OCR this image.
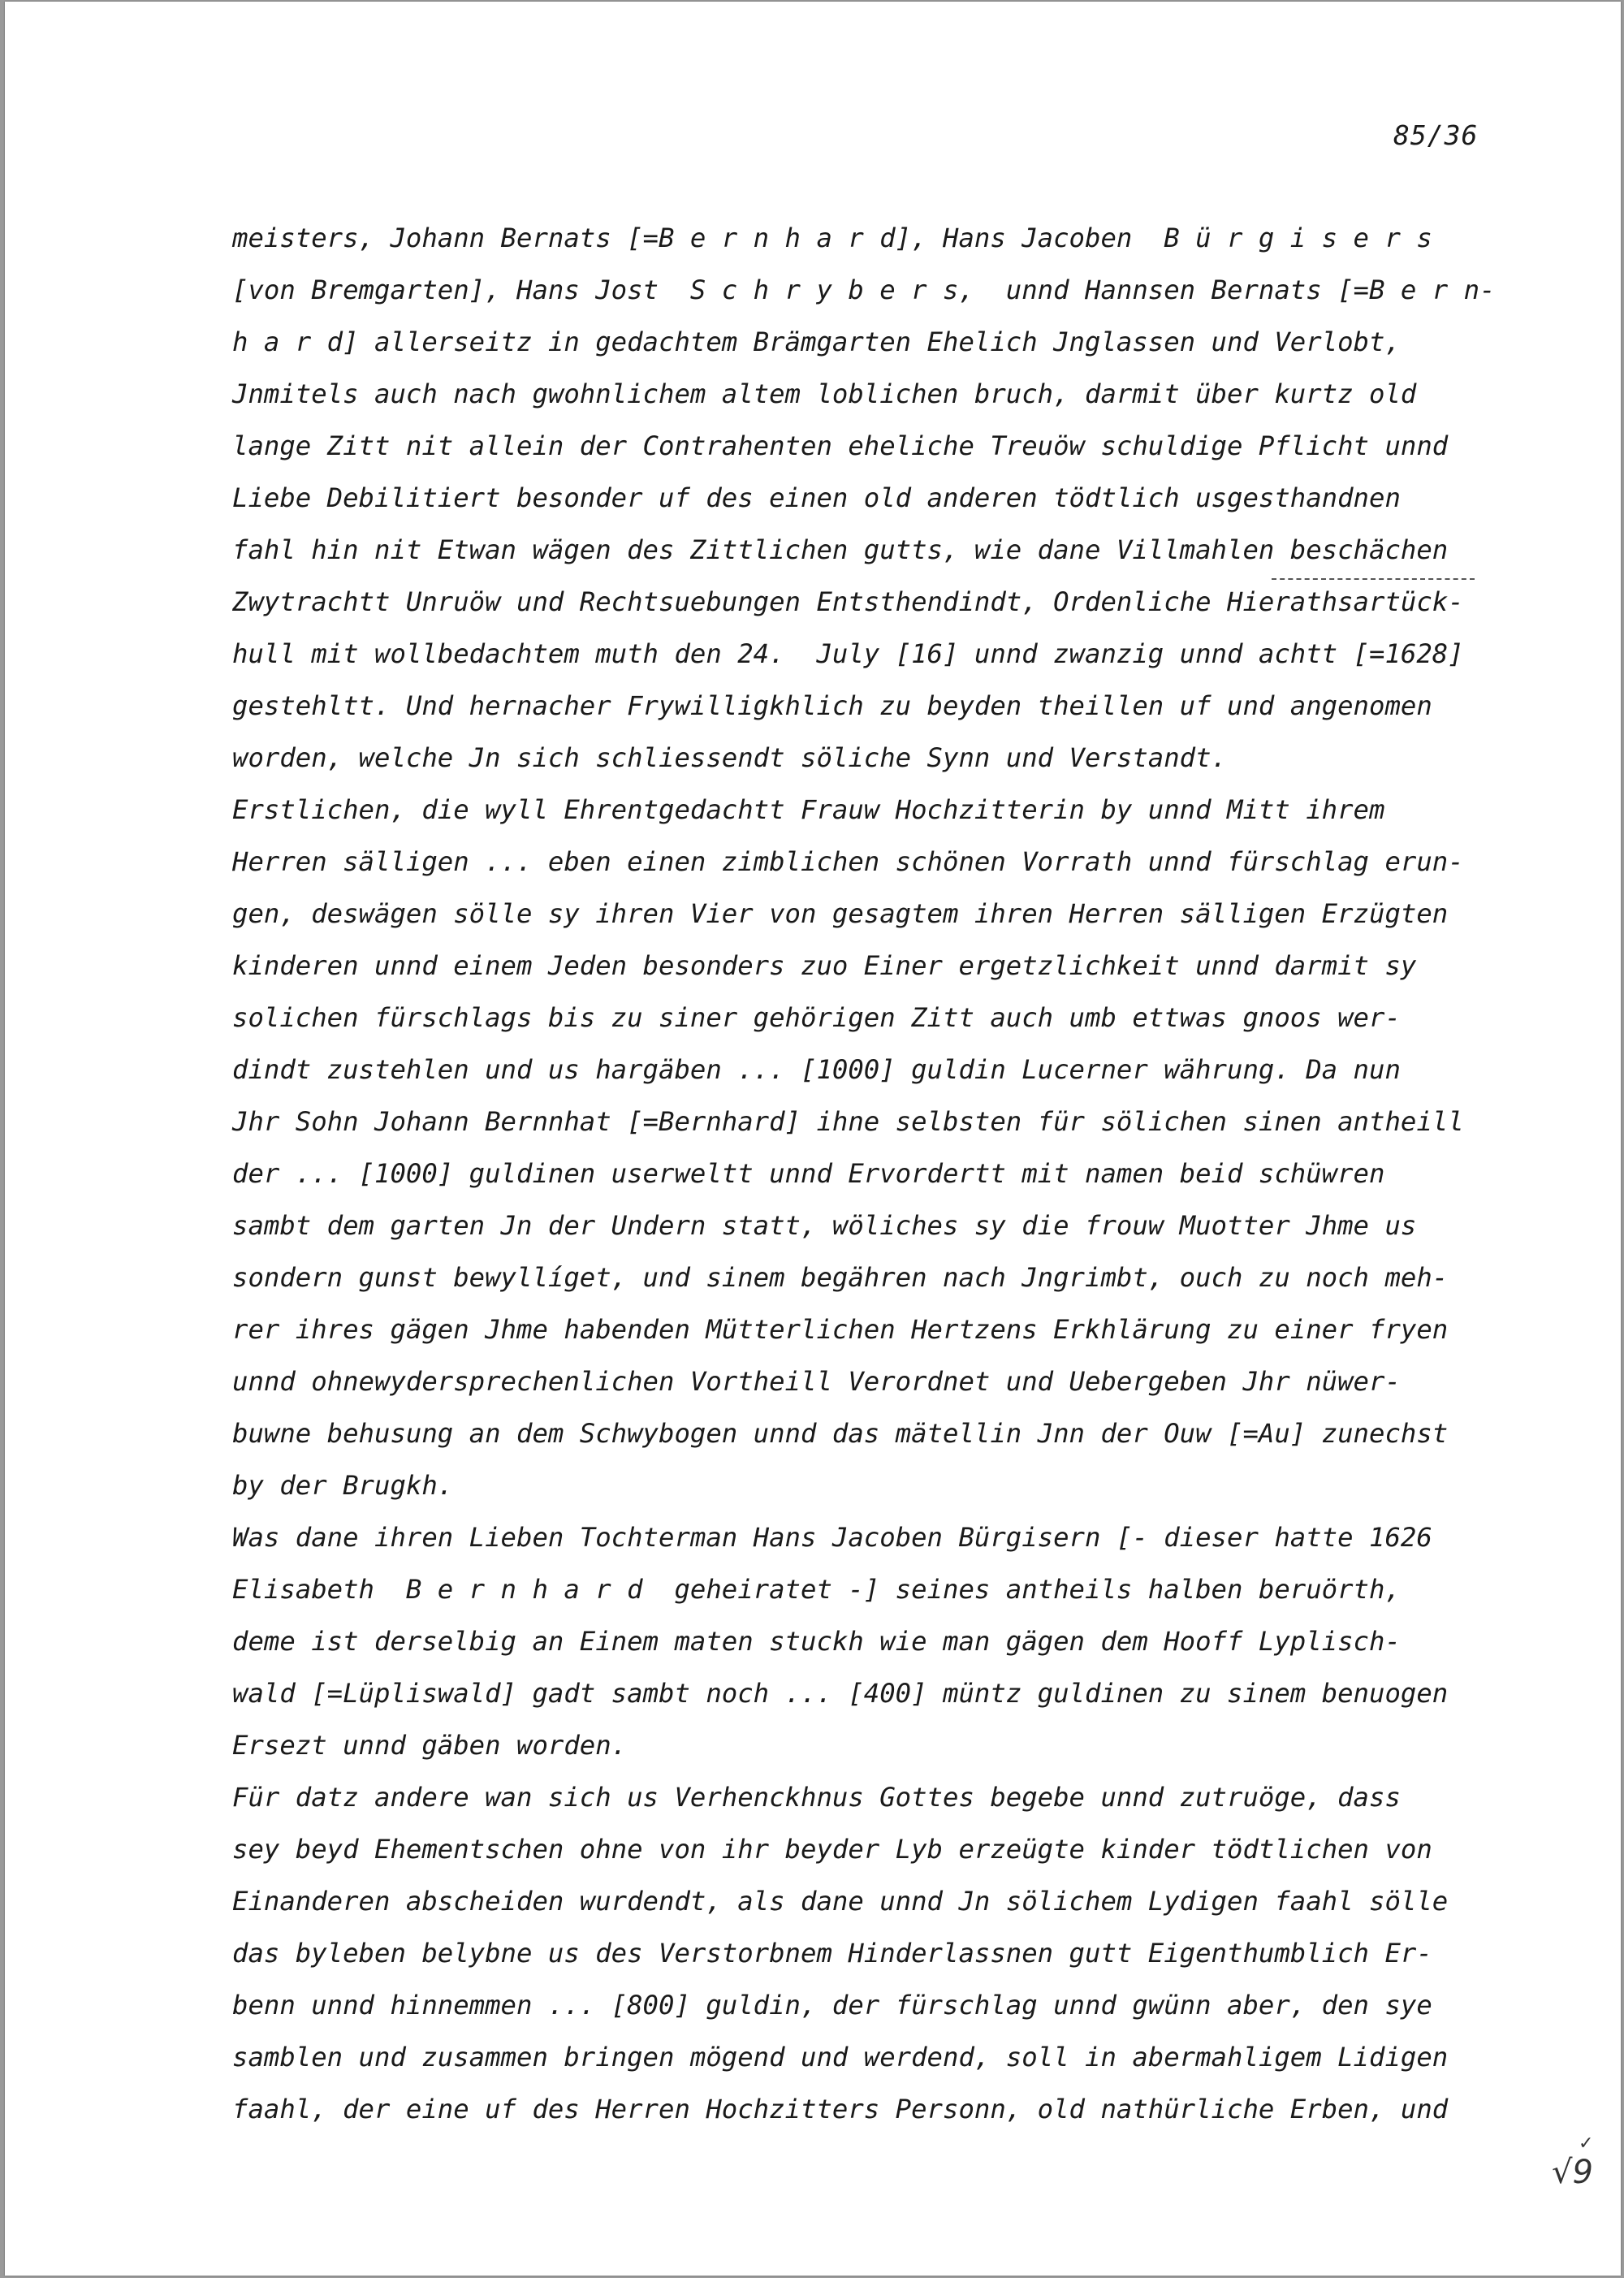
85/36
meisters, Johann Bernats [=B e r n h a r d], Hans Jacoben  B ü r g i s e r s
[von Bremgarten], Hans Jost  S c h r y b e r s,  unnd Hannsen Bernats [=B e r n-
h a r d] allerseitz in gedachtem Brämgarten Ehelich Jnglassen und Verlobt,
Jnmitels auch nach gwohnlichem altem loblichen bruch, darmit über kurtz old
lange Zitt nit allein der Contrahenten eheliche Treuöw schuldige Pflicht unnd
Liebe Debilitiert besonder uf des einen old anderen tödtlich usgesthandnen
fahl hin nit Etwan wägen des Zittlichen gutts, wie dane Villmahlen beschächen
Zwytrachtt Unruöw und Rechtsuebungen Entsthendindt, Ordenliche Hierathsartück-
hull mit wollbedachtem muth den 24.  July [16] unnd zwanzig unnd achtt [=1628]
gestehltt. Und hernacher Frywilligkhlich zu beyden theillen uf und angenomen
worden, welche Jn sich schliessendt söliche Synn und Verstandt.
Erstlichen, die wyll Ehrentgedachtt Frauw Hochzitterin by unnd Mitt ihrem
Herren sälligen ... eben einen zimblichen schönen Vorrath unnd fürschlag erun-
gen, deswägen sölle sy ihren Vier von gesagtem ihren Herren sälligen Erzügten
kinderen unnd einem Jeden besonders zuo Einer ergetzlichkeit unnd darmit sy
solichen fürschlags bis zu siner gehörigen Zitt auch umb ettwas gnoos wer-
dindt zustehlen und us hargäben ... [1000] guldin Lucerner währung. Da nun
Jhr Sohn Johann Bernnhat [=Bernhard] ihne selbsten für sölichen sinen antheill
der ... [1000] guldinen userweltt unnd Ervordertt mit namen beid schüwren
sambt dem garten Jn der Undern statt, wöliches sy die frouw Muotter Jhme us
sondern gunst bewyllíget, und sinem begähren nach Jngrimbt, ouch zu noch meh-
rer ihres gägen Jhme habenden Mütterlichen Hertzens Erkhlärung zu einer fryen
unnd ohnewydersprechenlichen Vortheill Verordnet und Uebergeben Jhr nüwer-
buwne behusung an dem Schwybogen unnd das mätellin Jnn der Ouw [=Au] zunechst
by der Brugkh.
Was dane ihren Lieben Tochterman Hans Jacoben Bürgisern [- dieser hatte 1626
Elisabeth  B e r n h a r d  geheiratet -] seines antheils halben beruörth,
deme ist derselbig an Einem maten stuckh wie man gägen dem Hooff Lyplisch-
wald [=Lüpliswald] gadt sambt noch ... [400] müntz guldinen zu sinem benuogen
Ersezt unnd gäben worden.
Für datz andere wan sich us Verhenckhnus Gottes begebe unnd zutruöge, dass
sey beyd Ehementschen ohne von ihr beyder Lyb erzeügte kinder tödtlichen von
Einanderen abscheiden wurdendt, als dane unnd Jn sölichem Lydigen faahl sölle
das byleben belybne us des Verstorbnem Hinderlassnen gutt Eigenthumblich Er-
benn unnd hinnemmen ... [800] guldin, der fürschlag unnd gwünn aber, den sye
samblen und zusammen bringen mögend und werdend, soll in abermahligem Lidigen
faahl, der eine uf des Herren Hochzitters Personn, old nathürliche Erben, und
✓
√9
